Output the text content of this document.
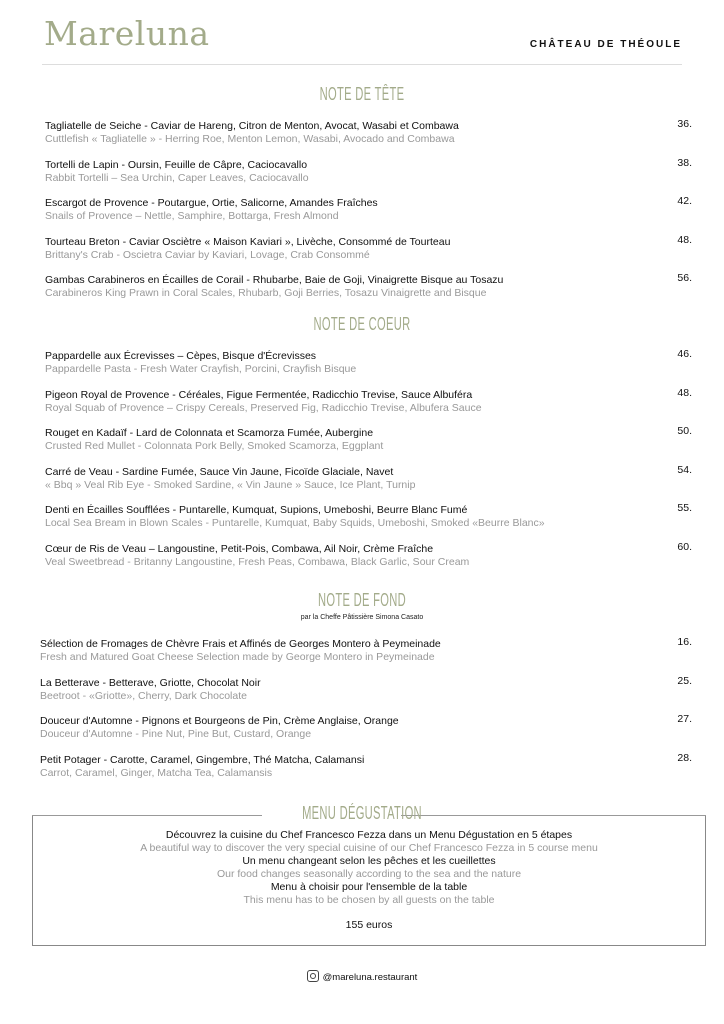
Mareluna	CHÂTEAU DE THÉOULE
NOTE DE TÊTE
Tagliatelle de Seiche - Caviar de Hareng, Citron de Menton, Avocat, Wasabi et Combawa
Cuttlefish « Tagliatelle » - Herring Roe, Menton Lemon, Wasabi, Avocado and Combawa
36.
Tortelli de Lapin - Oursin, Feuille de Câpre, Caciocavallo
Rabbit Tortelli – Sea Urchin, Caper Leaves, Caciocavallo
38.
Escargot de Provence - Poutargue, Ortie, Salicorne, Amandes Fraîches
Snails of Provence – Nettle, Samphire, Bottarga, Fresh Almond
42.
Tourteau Breton - Caviar Osciètre « Maison Kaviari », Livèche, Consommé de Tourteau
Brittany's Crab - Oscietra Caviar by Kaviari, Lovage, Crab Consommé
48.
Gambas Carabineros en Écailles de Corail - Rhubarbe, Baie de Goji, Vinaigrette Bisque au Tosazu
Carabineros King Prawn in Coral Scales, Rhubarb, Goji Berries, Tosazu Vinaigrette and Bisque
56.
NOTE DE COEUR
Pappardelle aux Écrevisses – Cèpes, Bisque d'Écrevisses
Pappardelle Pasta - Fresh Water Crayfish, Porcini, Crayfish Bisque
46.
Pigeon Royal de Provence - Céréales, Figue Fermentée, Radicchio Trevise, Sauce Albuféra
Royal Squab of Provence – Crispy Cereals, Preserved Fig, Radicchio Trevise, Albufera Sauce
48.
Rouget en Kadaïf - Lard de Colonnata et Scamorza Fumée, Aubergine
Crusted Red Mullet - Colonnata Pork Belly, Smoked Scamorza, Eggplant
50.
Carré de Veau - Sardine Fumée, Sauce Vin Jaune, Ficoïde Glaciale, Navet
« Bbq » Veal Rib Eye - Smoked Sardine, « Vin Jaune » Sauce, Ice Plant, Turnip
54.
Denti en Écailles Soufflées - Puntarelle, Kumquat, Supions, Umeboshi, Beurre Blanc Fumé
Local Sea Bream in Blown Scales - Puntarelle, Kumquat, Baby Squids, Umeboshi, Smoked «Beurre Blanc»
55.
Cœur de Ris de Veau – Langoustine, Petit-Pois, Combawa, Ail Noir, Crème Fraîche
Veal Sweetbread - Britanny Langoustine, Fresh Peas, Combawa, Black Garlic, Sour Cream
60.
NOTE DE FOND
par la Cheffe Pâtissière Simona Casato
Sélection de Fromages de Chèvre Frais et Affinés de Georges Montero à Peymeinade
Fresh and Matured Goat Cheese Selection made by George Montero in Peymeinade
16.
La Betterave - Betterave, Griotte, Chocolat Noir
Beetroot - «Griotte», Cherry, Dark Chocolate
25.
Douceur d'Automne - Pignons et Bourgeons de Pin, Crème Anglaise, Orange
Douceur d'Automne - Pine Nut, Pine But, Custard, Orange
27.
Petit Potager - Carotte, Caramel, Gingembre, Thé Matcha, Calamansi
Carrot, Caramel, Ginger, Matcha Tea, Calamansis
28.
Découvrez la cuisine du Chef Francesco Fezza dans un Menu Dégustation en 5 étapes
A beautiful way to discover the very special cuisine of our Chef Francesco Fezza in 5 course menu
Un menu changeant selon les pêches et les cueillettes
Our food changes seasonally according to the sea and the nature
Menu à choisir pour l'ensemble de la table
This menu has to be chosen by all guests on the table
155 euros
MENU DÉGUSTATION
@mareluna.restaurant
